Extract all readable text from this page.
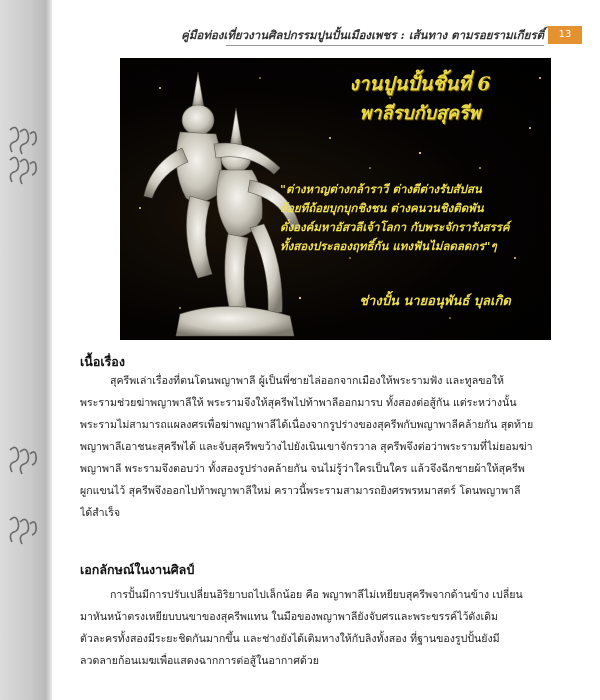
คู่มือท่องเที่ยวงานศิลปกรรมปูนปั้นเมืองเพชร : เส้นทาง ตามรอยรามเกียรติ์	13
งานปูนปั้นชิ้นที่ 6
พาลีรบกับสุครีพ
"ต่างหาญต่างกล้าราวี ต่างตีต่างรับสัปสน
ถ้อยทีถ้อยบุกบุกชิงชน ต่างคนวนชิงติดพัน
ดั่งองค์มหาอัสวลีเจ้าโลกา กับพระจักรารังสรรค์
ทั้งสองประลองฤทธิ์กัน แทงฟันไม่ลดลดกร"ๆ
ช่างปั้น นายอนุพันธ์ บุลเกิด
เนื้อเรื่อง
สุครีพเล่าเรื่องที่ตนโดนพญาพาลี ผู้เป็นพี่ชายไล่ออกจากเมืองให้พระรามฟัง และทูลขอให้
พระรามช่วยฆ่าพญาพาลีให้ พระรามจึงให้สุครีพไปท้าพาลีออกมารบ ทั้งสองต่อสู้กัน แต่ระหว่างนั้น
พระรามไม่สามารถแผลงศรเพื่อฆ่าพญาพาลีได้เนื่องจากรูปร่างของสุครีพกับพญาพาลีคล้ายกัน สุดท้าย
พญาพาลีเอาชนะสุครีพได้ และจับสุครีพขว้างไปยังเนินเขาจักรวาล สุครีพจึงต่อว่าพระรามที่ไม่ยอมฆ่า
พญาพาลี พระรามจึงตอบว่า ทั้งสองรูปร่างคล้ายกัน จนไม่รู้ว่าใครเป็นใคร แล้วจึงฉีกชายผ้าให้สุครีพ
ผูกแขนไว้ สุครีพจึงออกไปท้าพญาพาลีใหม่ คราวนี้พระรามสามารถยิงศรพรหมาสตร์ โดนพญาพาลี
ได้สำเร็จ
เอกลักษณ์ในงานศิลป์
การปั้นมีการปรับเปลี่ยนอิริยาบถไปเล็กน้อย คือ พญาพาลีไม่เหยียบสุครีพจากด้านข้าง เปลี่ยน
มาหันหน้าตรงเหยียบบนขาของสุครีพแทน ในมือของพญาพาลียังจับศรและพระขรรค์ไว้ดังเดิม
ตัวละครทั้งสองมีระยะชิดกันมากขึ้น และช่างยังได้เติมหางให้กับลิงทั้งสอง ที่ฐานของรูปปั้นยังมี
ลวดลายก้อนเมฆเพื่อแสดงฉากการต่อสู้ในอากาศด้วย
